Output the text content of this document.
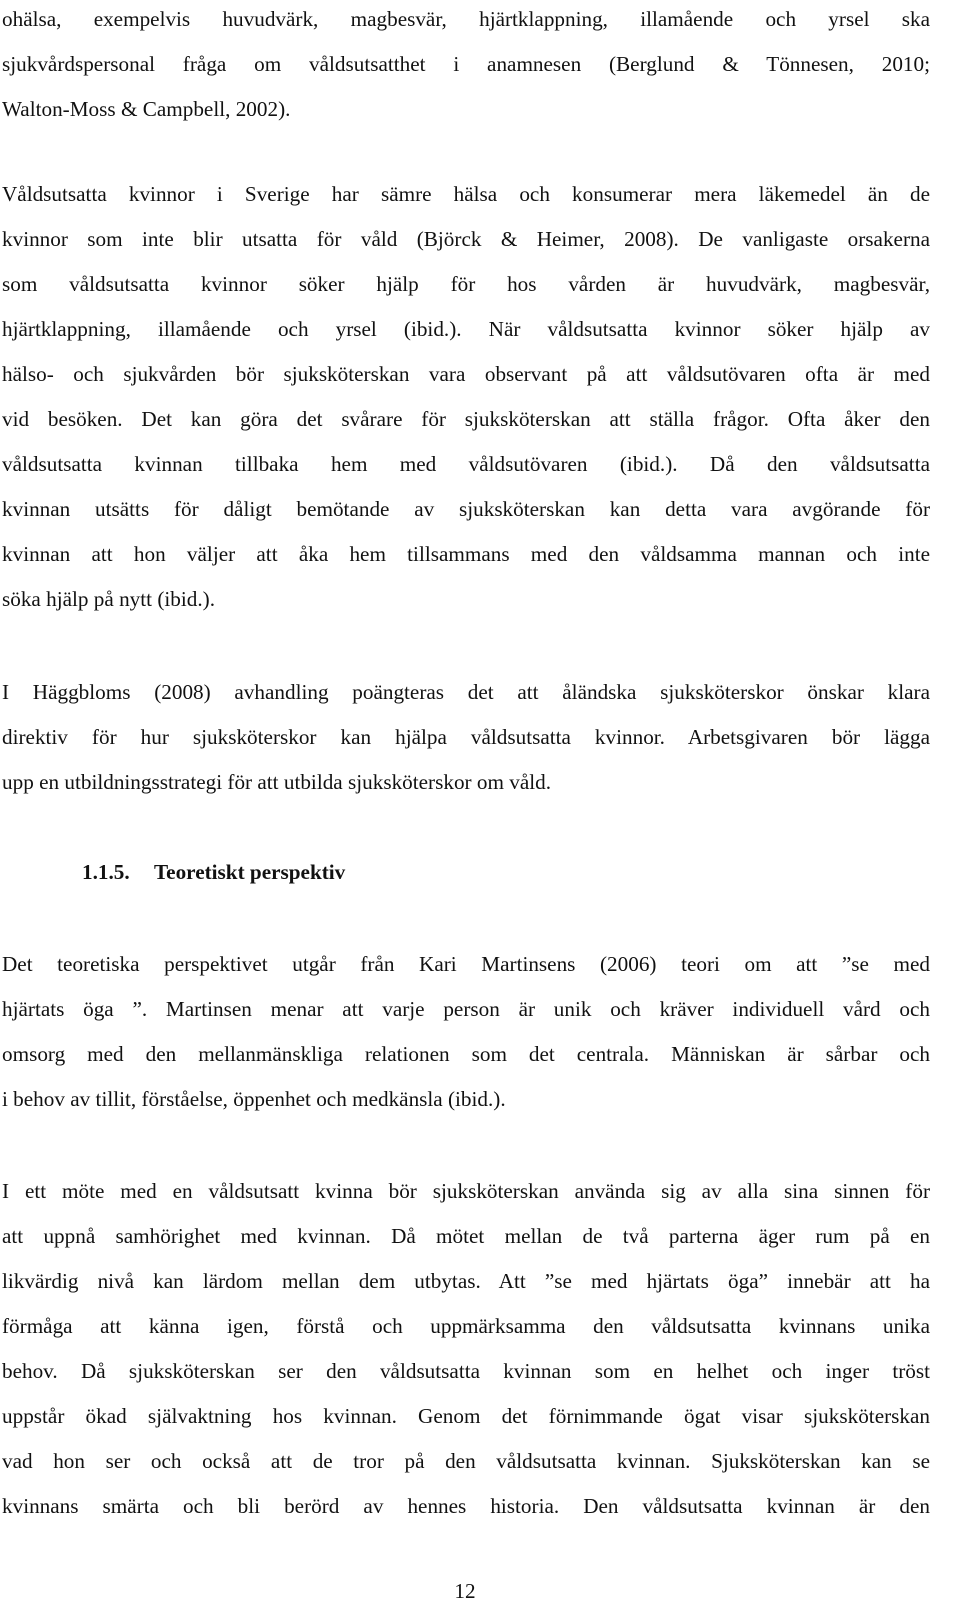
ohälsa, exempelvis huvudvärk, magbesvär, hjärtklappning, illamående och yrsel ska
sjukvårdspersonal fråga om våldsutsatthet i anamnesen (Berglund & Tönnesen, 2010;
Walton-Moss & Campbell, 2002).
Våldsutsatta kvinnor i Sverige har sämre hälsa och konsumerar mera läkemedel än de
kvinnor som inte blir utsatta för våld (Björck & Heimer, 2008). De vanligaste orsakerna
som våldsutsatta kvinnor söker hjälp för hos vården är huvudvärk, magbesvär,
hjärtklappning, illamående och yrsel (ibid.). När våldsutsatta kvinnor söker hjälp av
hälso- och sjukvården bör sjuksköterskan vara observant på att våldsutövaren ofta är med
vid besöken. Det kan göra det svårare för sjuksköterskan att ställa frågor. Ofta åker den
våldsutsatta kvinnan tillbaka hem med våldsutövaren (ibid.). Då den våldsutsatta
kvinnan utsätts för dåligt bemötande av sjuksköterskan kan detta vara avgörande för
kvinnan att hon väljer att åka hem tillsammans med den våldsamma mannan och inte
söka hjälp på nytt (ibid.).
I Häggbloms (2008) avhandling poängteras det att åländska sjuksköterskor önskar klara
direktiv för hur sjuksköterskor kan hjälpa våldsutsatta kvinnor. Arbetsgivaren bör lägga
upp en utbildningsstrategi för att utbilda sjuksköterskor om våld.
1.1.5. Teoretiskt perspektiv
Det teoretiska perspektivet utgår från Kari Martinsens (2006) teori om att ”se med
hjärtats öga ”. Martinsen menar att varje person är unik och kräver individuell vård och
omsorg med den mellanmänskliga relationen som det centrala. Människan är sårbar och
i behov av tillit, förståelse, öppenhet och medkänsla (ibid.).
I ett möte med en våldsutsatt kvinna bör sjuksköterskan använda sig av alla sina sinnen för
att uppnå samhörighet med kvinnan. Då mötet mellan de två parterna äger rum på en
likvärdig nivå kan lärdom mellan dem utbytas. Att ”se med hjärtats öga” innebär att ha
förmåga att känna igen, förstå och uppmärksamma den våldsutsatta kvinnans unika
behov. Då sjuksköterskan ser den våldsutsatta kvinnan som en helhet och inger tröst
uppstår ökad självaktning hos kvinnan. Genom det förnimmande ögat visar sjuksköterskan
vad hon ser och också att de tror på den våldsutsatta kvinnan. Sjuksköterskan kan se
kvinnans smärta och bli berörd av hennes historia. Den våldsutsatta kvinnan är den
12
